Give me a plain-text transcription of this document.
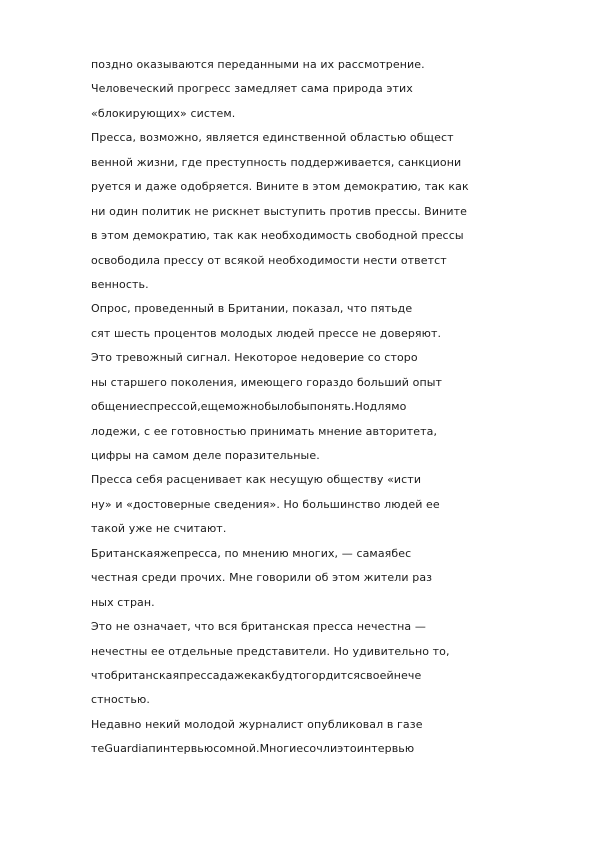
поздно оказываются переданными на их рассмотрение.
Человеческий прогресс замедляет сама природа этих
«блокирующих» систем.
Пресса, возможно, является единственной областью общест
венной жизни, где преступность поддерживается, санкциони
руется и даже одобряется. Вините в этом демократию, так как
ни один политик не рискнет выступить против прессы. Вините
в этом демократию, так как необходимость свободной прессы
освободила прессу от всякой необходимости нести ответст
венность.
Опрос, проведенный в Британии, показал, что пятьде
сят шесть процентов молодых людей прессе не доверяют.
Это тревожный сигнал. Некоторое недоверие со сторо
ны старшего поколения, имеющего гораздо больший опыт
общениеспрессой,ещеможнобылобыпонять.Нодлямо
лодежи, с ее готовностью принимать мнение авторитета,
цифры на самом деле поразительные.
Пресса себя расценивает как несущую обществу «исти
ну» и «достоверные сведения». Но большинство людей ее
такой уже не считают.
Британскаяжепресса, по мнению многих, — самаябес
честная среди прочих. Мне говорили об этом жители раз
ных стран.
Это не означает, что вся британская пресса нечестна —
нечестны ее отдельные представители. Но удивительно то,
чтобританскаяпрессадажекакбудтогордитсясвоейнече
стностью.
Недавно некий молодой журналист опубликовал в газе
теGuardiaпинтервьюсомной.Многиесочлиэтоинтервью
